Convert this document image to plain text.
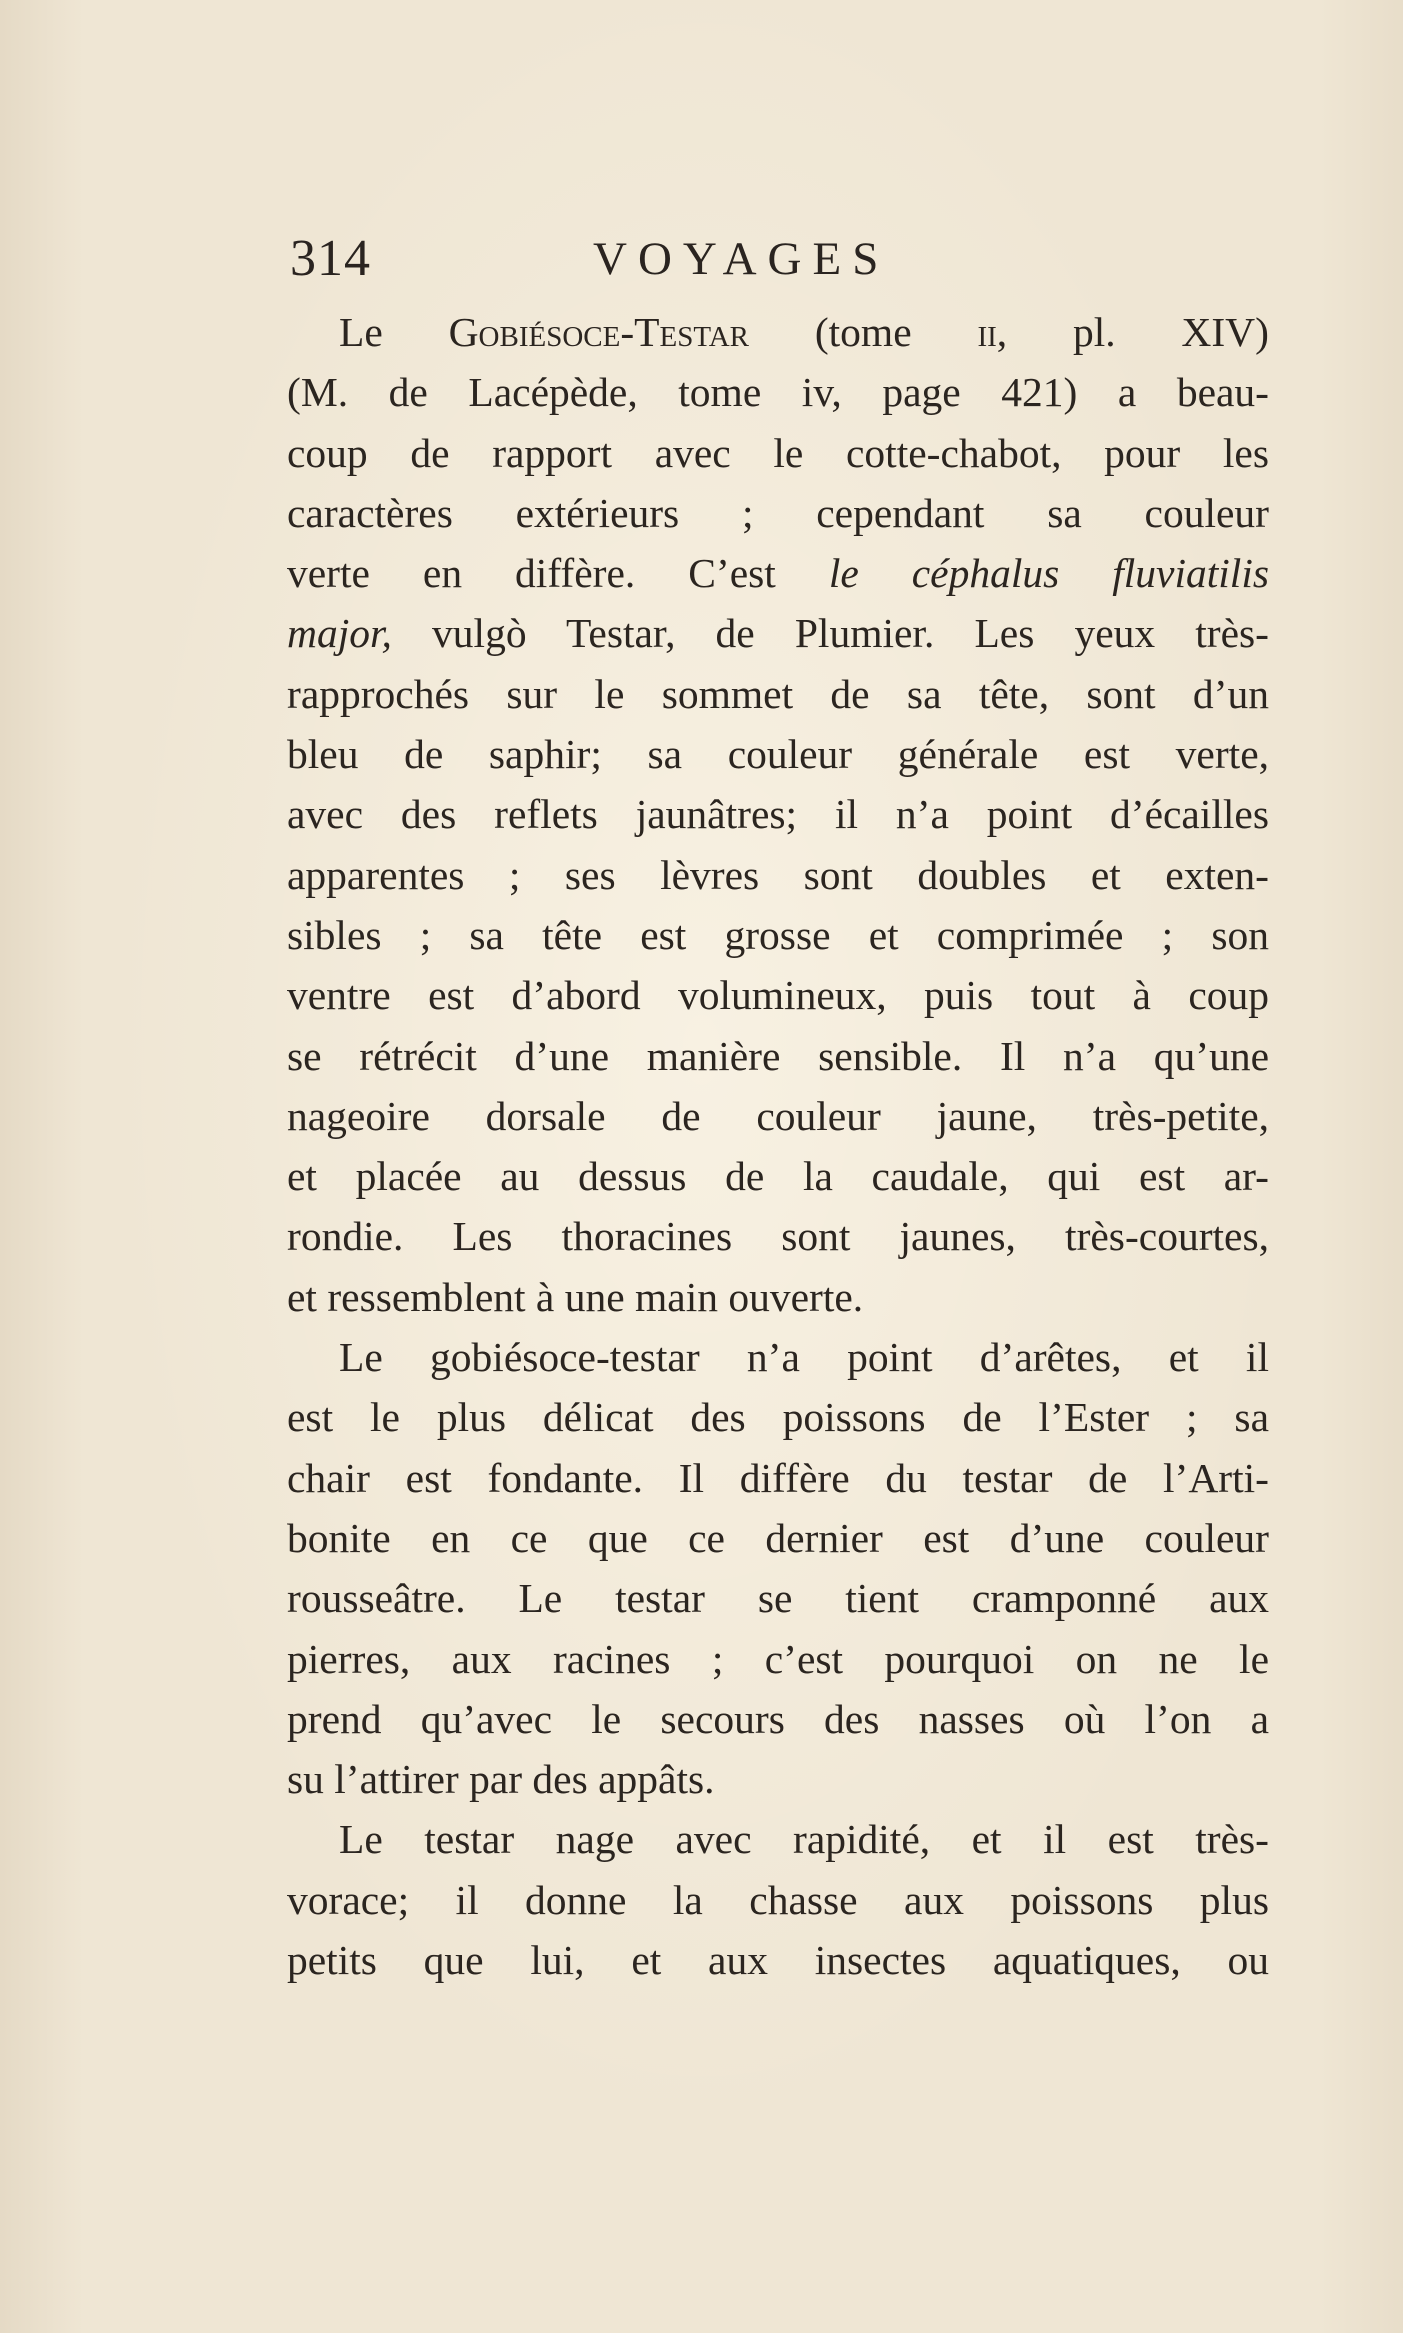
314	VOYAGES
Le Gobiésoce-Testar (tome ii, pl. XIV)
(M. de Lacépède, tome iv, page 421) a beau-
coup de rapport avec le cotte-chabot, pour les
caractères extérieurs ; cependant sa couleur
verte en diffère. C’est le céphalus fluviatilis
major, vulgò Testar, de Plumier. Les yeux très-
rapprochés sur le sommet de sa tête, sont d’un
bleu de saphir; sa couleur générale est verte,
avec des reflets jaunâtres; il n’a point d’écailles
apparentes ; ses lèvres sont doubles et exten-
sibles ; sa tête est grosse et comprimée ; son
ventre est d’abord volumineux, puis tout à coup
se rétrécit d’une manière sensible. Il n’a qu’une
nageoire dorsale de couleur jaune, très-petite,
et placée au dessus de la caudale, qui est ar-
rondie. Les thoracines sont jaunes, très-courtes,
et ressemblent à une main ouverte.
Le gobiésoce-testar n’a point d’arêtes, et il
est le plus délicat des poissons de l’Ester ; sa
chair est fondante. Il diffère du testar de l’Arti-
bonite en ce que ce dernier est d’une couleur
rousseâtre. Le testar se tient cramponné aux
pierres, aux racines ; c’est pourquoi on ne le
prend qu’avec le secours des nasses où l’on a
su l’attirer par des appâts.
Le testar nage avec rapidité, et il est très-
vorace; il donne la chasse aux poissons plus
petits que lui, et aux insectes aquatiques, ou
